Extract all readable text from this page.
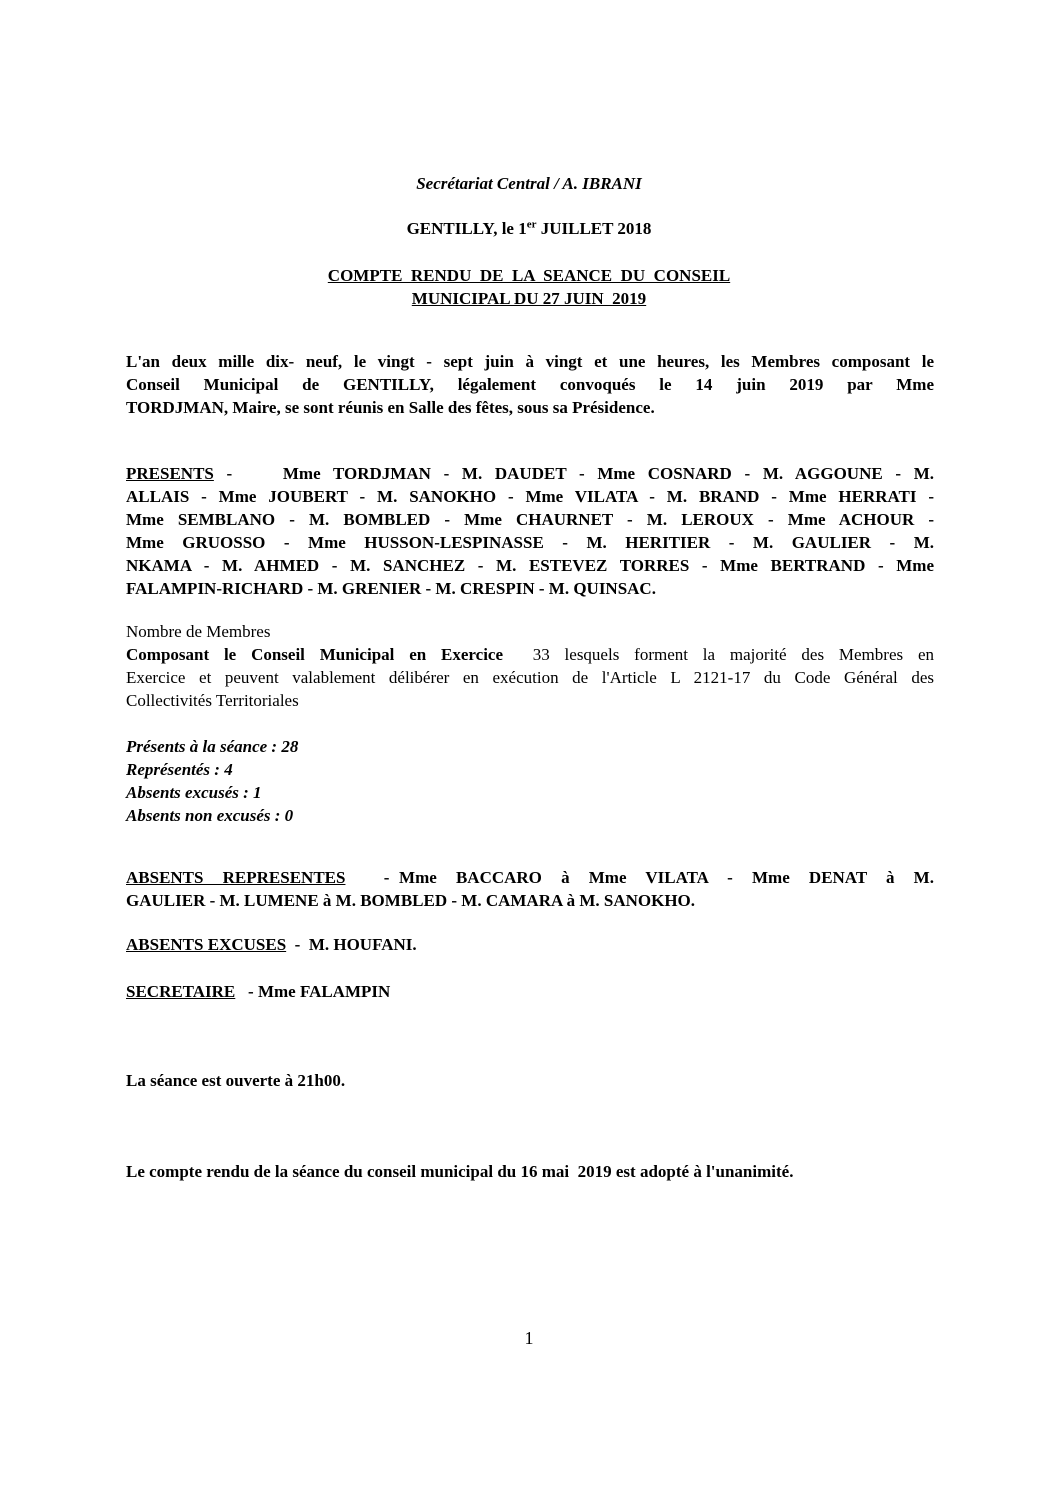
Secrétariat Central / A. IBRANI

GENTILLY, le 1er JUILLET 2018

COMPTE  RENDU  DE  LA  SEANCE  DU  CONSEIL

MUNICIPAL DU 27 JUIN  2019

L'an deux mille dix- neuf, le vingt - sept juin à vingt et une heures, les Membres composant le
Conseil Municipal de GENTILLY, légalement convoqués le 14 juin 2019 par Mme
TORDJMAN, Maire, se sont réunis en Salle des fêtes, sous sa Présidence.
PRESENTS -    Mme TORDJMAN - M. DAUDET - Mme COSNARD - M. AGGOUNE - M.
ALLAIS - Mme JOUBERT - M. SANOKHO - Mme VILATA - M. BRAND - Mme HERRATI -
Mme SEMBLANO - M. BOMBLED - Mme CHAURNET - M. LEROUX - Mme ACHOUR -
Mme GRUOSSO - Mme HUSSON-LESPINASSE - M. HERITIER - M. GAULIER - M.
NKAMA - M. AHMED - M. SANCHEZ - M. ESTEVEZ TORRES - Mme BERTRAND - Mme
FALAMPIN-RICHARD - M. GRENIER - M. CRESPIN - M. QUINSAC.

Nombre de Membres

Composant le Conseil Municipal en Exercice  33 lesquels forment la majorité des Membres en
Exercice et peuvent valablement délibérer en exécution de l'Article L 2121-17 du Code Général des
Collectivités Territoriales
Présents à la séance : 28
Représentés : 4
Absents excusés : 1
Absents non excusés : 0
ABSENTS  REPRESENTES    - Mme  BACCARO  à  Mme  VILATA  -  Mme  DENAT  à  M.
GAULIER - M. LUMENE à M. BOMBLED - M. CAMARA à M. SANOKHO.

ABSENTS EXCUSES  -  M. HOUFANI.

SECRETAIRE   - Mme FALAMPIN

La séance est ouverte à 21h00.

Le compte rendu de la séance du conseil municipal du 16 mai  2019 est adopté à l'unanimité.

1
